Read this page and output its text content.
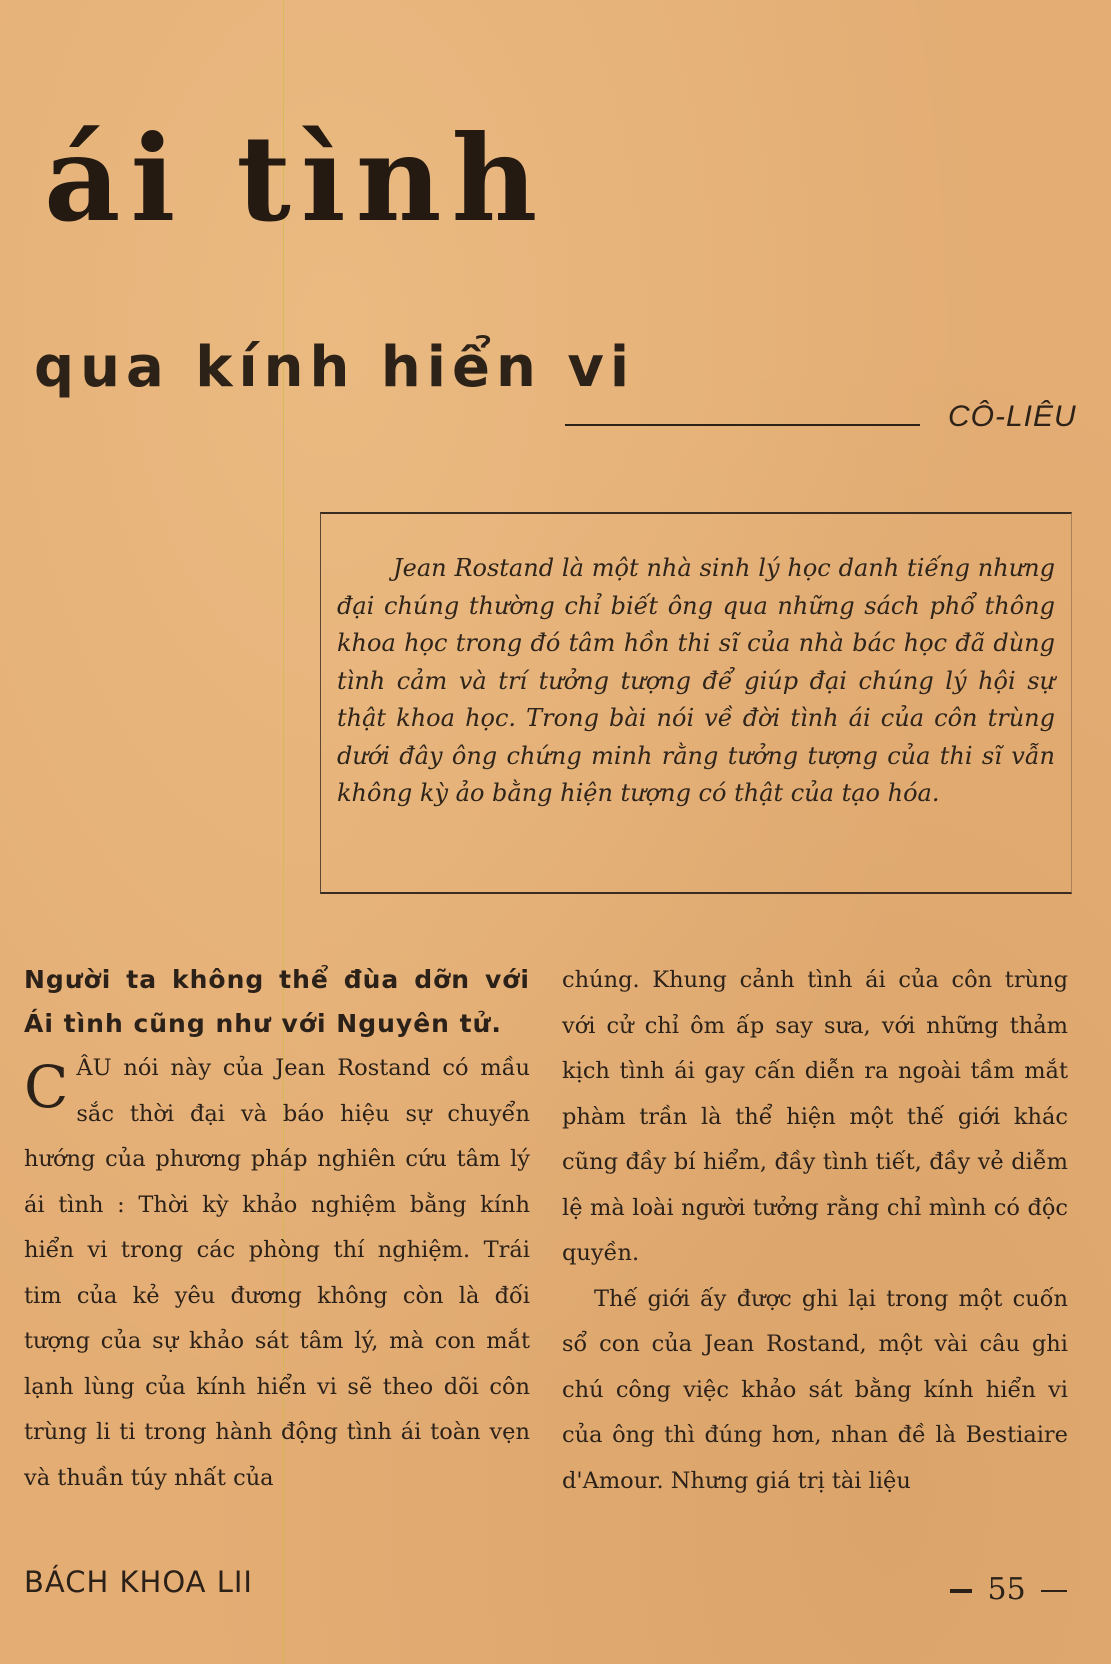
ái tình
qua kính hiển vi
CÔ-LIÊU

Jean Rostand là một nhà sinh lý học danh tiếng nhưng đại chúng thường chỉ biết ông qua những sách phổ thông khoa học trong đó tâm hồn thi sĩ của nhà bác học đã dùng tình cảm và trí tưởng tượng để giúp đại chúng lý hội sự thật khoa học. Trong bài nói về đời tình ái của côn trùng dưới đây ông chứng minh rằng tưởng tượng của thi sĩ vẫn không kỳ ảo bằng hiện tượng có thật của tạo hóa.

Người ta không thể đùa dỡn với Ái tình cũng như với Nguyên tử.

C ÂU nói này của Jean Rostand có mầu sắc thời đại và báo hiệu sự chuyển hướng của phương pháp nghiên cứu tâm lý ái tình : Thời kỳ khảo nghiệm bằng kính hiển vi trong các phòng thí nghiệm. Trái tim của kẻ yêu đương không còn là đối tượng của sự khảo sát tâm lý, mà con mắt lạnh lùng của kính hiển vi sẽ theo dõi côn trùng li ti trong hành động tình ái toàn vẹn và thuần túy nhất của

chúng. Khung cảnh tình ái của côn trùng với cử chỉ ôm ấp say sưa, với những thảm kịch tình ái gay cấn diễn ra ngoài tầm mắt phàm trần là thể hiện một thế giới khác cũng đầy bí hiểm, đầy tình tiết, đầy vẻ diễm lệ mà loài người tưởng rằng chỉ mình có độc quyền.

Thế giới ấy được ghi lại trong một cuốn sổ con của Jean Rostand, một vài câu ghi chú công việc khảo sát bằng kính hiển vi của ông thì đúng hơn, nhan đề là Bestiaire d'Amour. Nhưng giá trị tài liệu

BÁCH KHOA LII	55
